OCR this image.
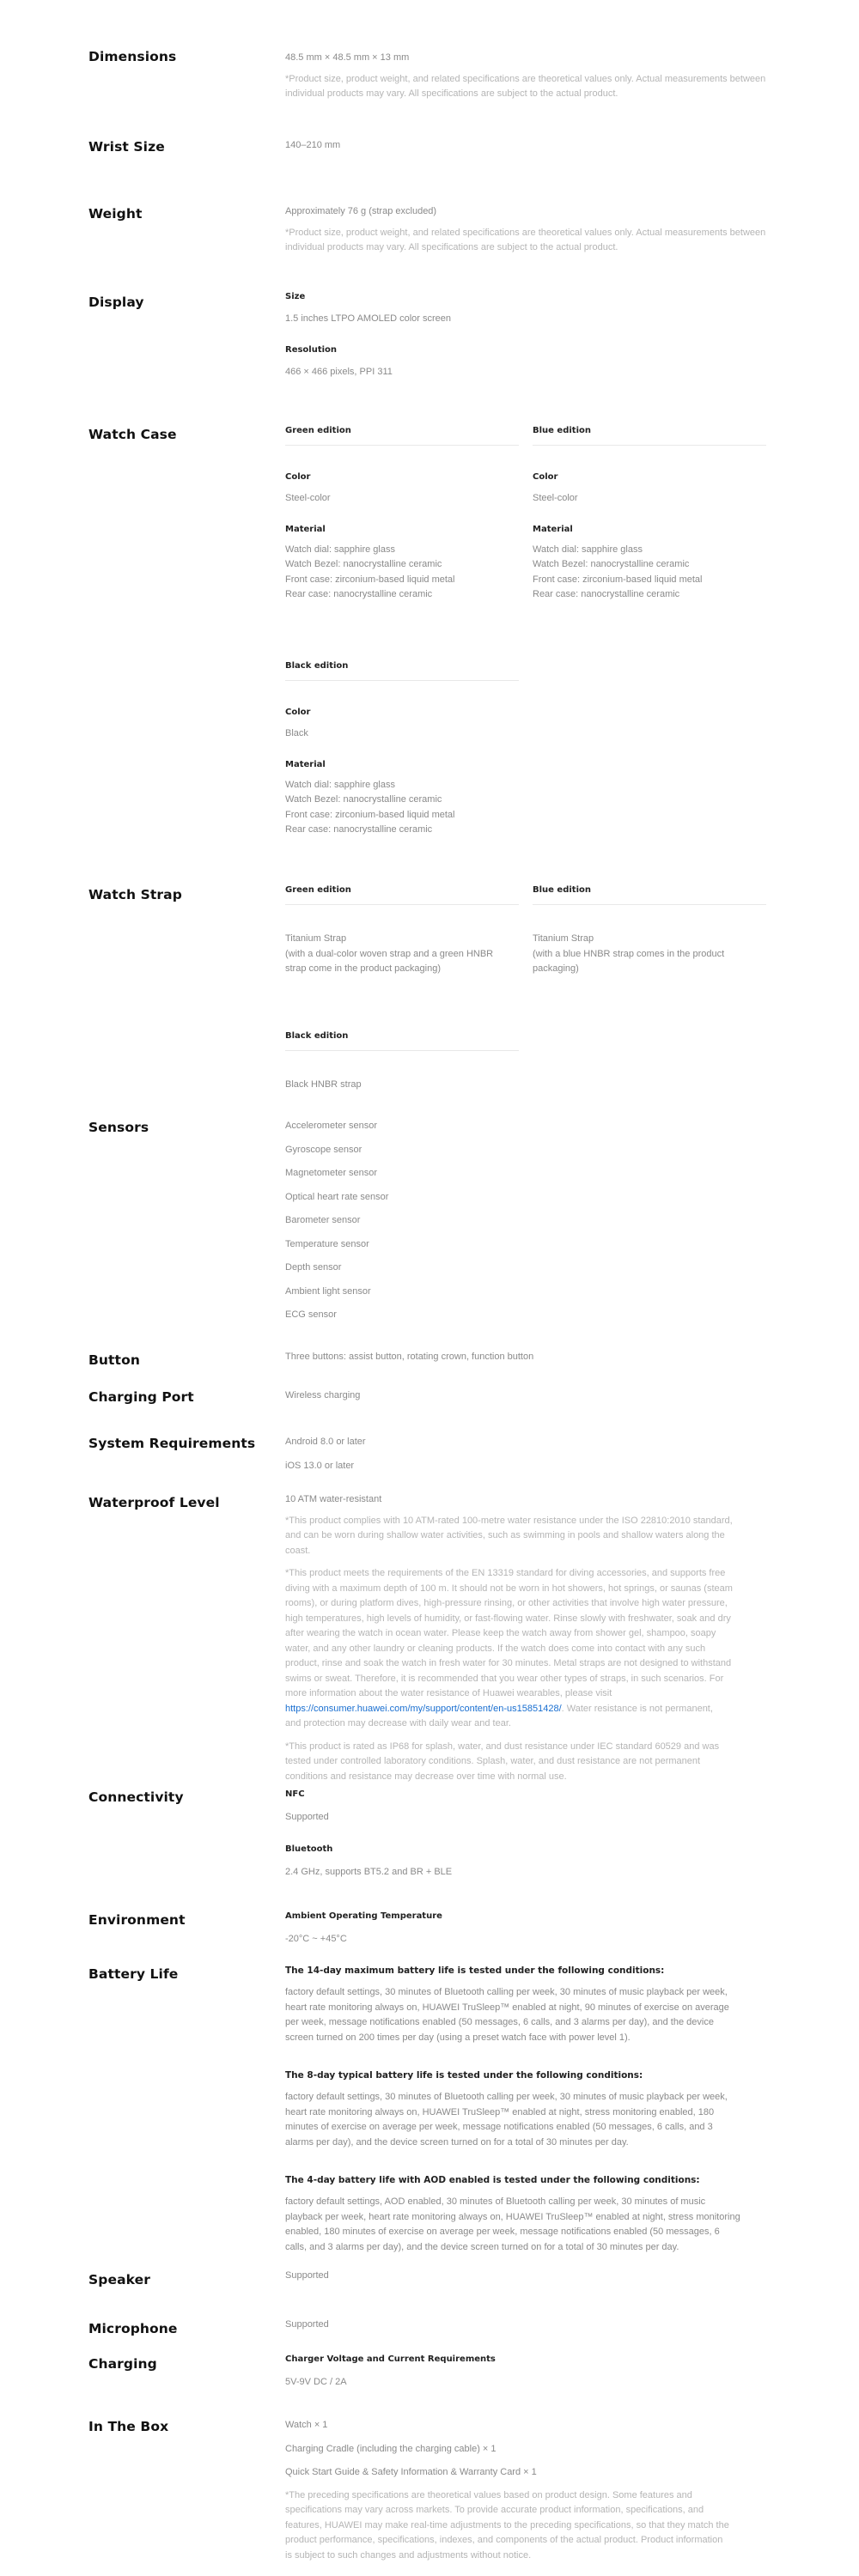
Dimensions	48.5 mm × 48.5 mm × 13 mm

*Product size, product weight, and related specifications are theoretical values only. Actual measurements between individual products may vary. All specifications are subject to the actual product.

Wrist Size	140–210 mm

Weight	Approximately 76 g (strap excluded)

*Product size, product weight, and related specifications are theoretical values only. Actual measurements between individual products may vary. All specifications are subject to the actual product.

Display	Size

1.5 inches LTPO AMOLED color screen

Resolution

466 × 466 pixels, PPI 311

Watch Case	Green edition

Color

Steel-color

Material

Watch dial: sapphire glass

Watch Bezel: nanocrystalline ceramic

Front case: zirconium-based liquid metal

Rear case: nanocrystalline ceramic

Blue edition

Color

Steel-color

Material

Watch dial: sapphire glass

Watch Bezel: nanocrystalline ceramic

Front case: zirconium-based liquid metal

Rear case: nanocrystalline ceramic

Black edition

Color

Black

Material

Watch dial: sapphire glass

Watch Bezel: nanocrystalline ceramic

Front case: zirconium-based liquid metal

Rear case: nanocrystalline ceramic

Watch Strap	Green edition

Titanium Strap

(with a dual-color woven strap and a green HNBR

strap come in the product packaging)

Blue edition

Titanium Strap

(with a blue HNBR strap comes in the product

packaging)

Black edition

Black HNBR strap

Sensors	Accelerometer sensor

Gyroscope sensor

Magnetometer sensor

Optical heart rate sensor

Barometer sensor

Temperature sensor

Depth sensor

Ambient light sensor

ECG sensor

Button	Three buttons: assist button, rotating crown, function button

Charging Port	Wireless charging

System Requirements	Android 8.0 or later

iOS 13.0 or later

Waterproof Level	10 ATM water-resistant

*This product complies with 10 ATM-rated 100-metre water resistance under the ISO 22810:2010 standard,

and can be worn during shallow water activities, such as swimming in pools and shallow waters along the

coast.

*This product meets the requirements of the EN 13319 standard for diving accessories, and supports free

diving with a maximum depth of 100 m. It should not be worn in hot showers, hot springs, or saunas (steam

rooms), or during platform dives, high-pressure rinsing, or other activities that involve high water pressure,

high temperatures, high levels of humidity, or fast-flowing water. Rinse slowly with freshwater, soak and dry

after wearing the watch in ocean water. Please keep the watch away from shower gel, shampoo, soapy

water, and any other laundry or cleaning products. If the watch does come into contact with any such

product, rinse and soak the watch in fresh water for 30 minutes. Metal straps are not designed to withstand

swims or sweat. Therefore, it is recommended that you wear other types of straps, in such scenarios. For

more information about the water resistance of Huawei wearables, please visit

https://consumer.huawei.com/my/support/content/en-us15851428/. Water resistance is not permanent,

and protection may decrease with daily wear and tear.

*This product is rated as IP68 for splash, water, and dust resistance under IEC standard 60529 and was

tested under controlled laboratory conditions. Splash, water, and dust resistance are not permanent

conditions and resistance may decrease over time with normal use.

Connectivity	NFC

Supported

Bluetooth

2.4 GHz, supports BT5.2 and BR + BLE

Environment	Ambient Operating Temperature

-20°C ~ +45°C

Battery Life	The 14-day maximum battery life is tested under the following conditions:

factory default settings, 30 minutes of Bluetooth calling per week, 30 minutes of music playback per week,

heart rate monitoring always on, HUAWEI TruSleep™ enabled at night, 90 minutes of exercise on average

per week, message notifications enabled (50 messages, 6 calls, and 3 alarms per day), and the device

screen turned on 200 times per day (using a preset watch face with power level 1).

The 8-day typical battery life is tested under the following conditions:

factory default settings, 30 minutes of Bluetooth calling per week, 30 minutes of music playback per week,

heart rate monitoring always on, HUAWEI TruSleep™ enabled at night, stress monitoring enabled, 180

minutes of exercise on average per week, message notifications enabled (50 messages, 6 calls, and 3

alarms per day), and the device screen turned on for a total of 30 minutes per day.

The 4-day battery life with AOD enabled is tested under the following conditions:

factory default settings, AOD enabled, 30 minutes of Bluetooth calling per week, 30 minutes of music

playback per week, heart rate monitoring always on, HUAWEI TruSleep™ enabled at night, stress monitoring

enabled, 180 minutes of exercise on average per week, message notifications enabled (50 messages, 6

calls, and 3 alarms per day), and the device screen turned on for a total of 30 minutes per day.

Speaker	Supported

Microphone	Supported

Charging	Charger Voltage and Current Requirements

5V-9V DC / 2A

In The Box	Watch × 1

Charging Cradle (including the charging cable) × 1

Quick Start Guide & Safety Information & Warranty Card × 1

*The preceding specifications are theoretical values based on product design. Some features and

specifications may vary across markets. To provide accurate product information, specifications, and

features, HUAWEI may make real-time adjustments to the preceding specifications, so that they match the

product performance, specifications, indexes, and components of the actual product. Product information

is subject to such changes and adjustments without notice.
